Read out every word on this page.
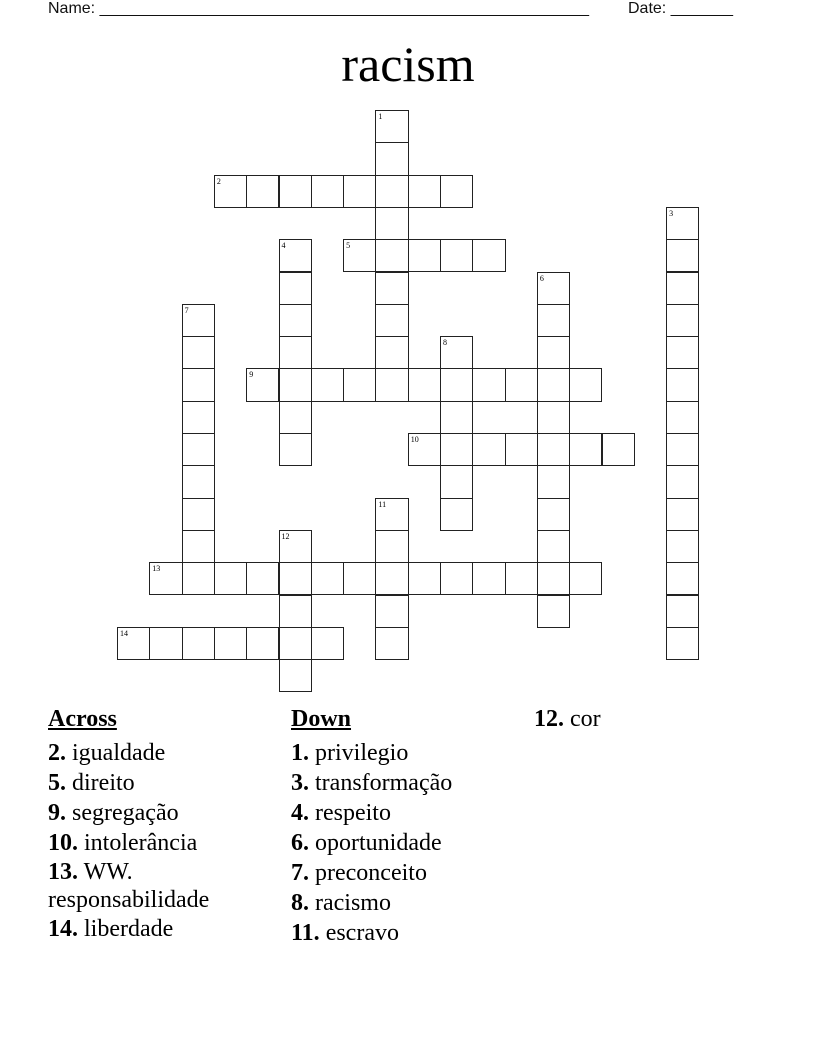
Name: _______________________________________________________ Date: _______
racism
1
2
3
4	5
6
7
8
9
10
11
12
13
14
Across
2. igualdade
5. direito
9. segregação
10. intolerância
13. WW. responsabilidade
14. liberdade
Down
1. privilegio
3. transformação
4. respeito
6. oportunidade
7. preconceito
8. racismo
11. escravo
12. cor
